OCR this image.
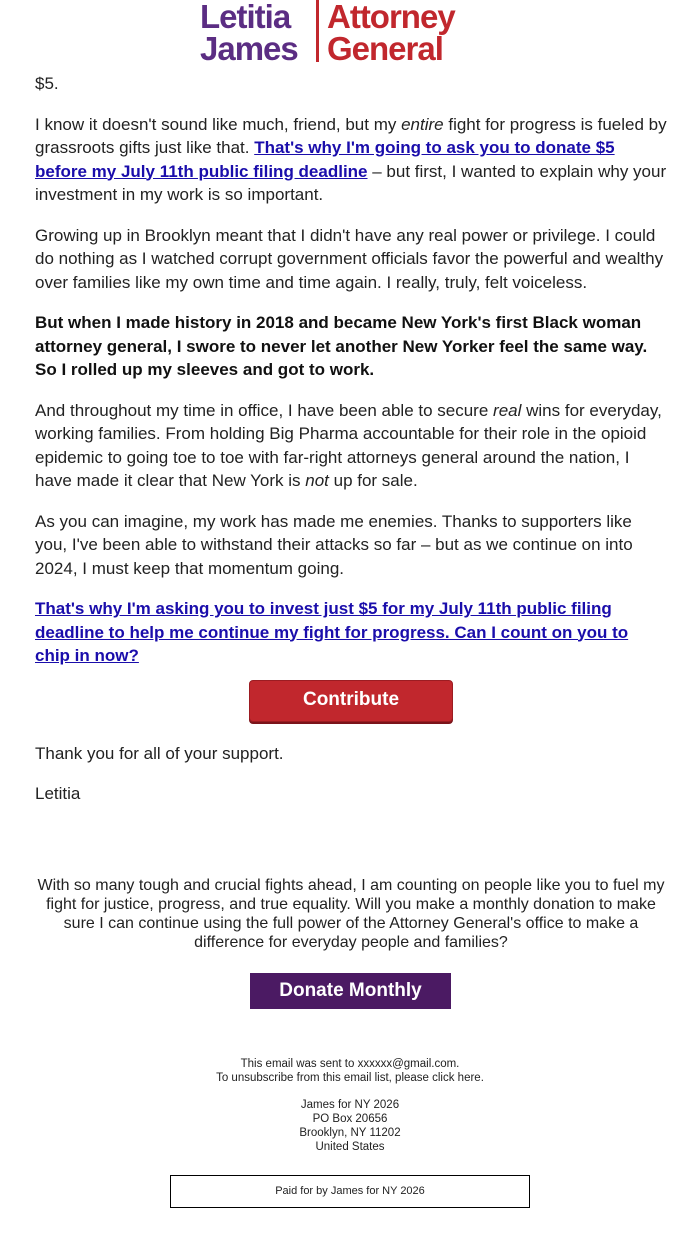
Letitia
James
Attorney
General

$5.

I know it doesn't sound like much, friend, but my entire fight for progress is fueled by grassroots gifts just like that. That's why I'm going to ask you to donate $5 before my July 11th public filing deadline – but first, I wanted to explain why your investment in my work is so important.

Growing up in Brooklyn meant that I didn't have any real power or privilege. I could do nothing as I watched corrupt government officials favor the powerful and wealthy over families like my own time and time again. I really, truly, felt voiceless.

But when I made history in 2018 and became New York's first Black woman attorney general, I swore to never let another New Yorker feel the same way. So I rolled up my sleeves and got to work.

And throughout my time in office, I have been able to secure real wins for everyday, working families. From holding Big Pharma accountable for their role in the opioid epidemic to going toe to toe with far-right attorneys general around the nation, I have made it clear that New York is not up for sale.

As you can imagine, my work has made me enemies. Thanks to supporters like you, I've been able to withstand their attacks so far – but as we continue on into 2024, I must keep that momentum going.

That's why I'm asking you to invest just $5 for my July 11th public filing deadline to help me continue my fight for progress. Can I count on you to chip in now?

Contribute

Thank you for all of your support.

Letitia

With so many tough and crucial fights ahead, I am counting on people like you to fuel my fight for justice, progress, and true equality. Will you make a monthly donation to make sure I can continue using the full power of the Attorney General's office to make a difference for everyday people and families?
Donate Monthly
This email was sent to xxxxxx@gmail.com.
To unsubscribe from this email list, please click here.
James for NY 2026
PO Box 20656
Brooklyn, NY 11202
United States
Paid for by James for NY 2026
